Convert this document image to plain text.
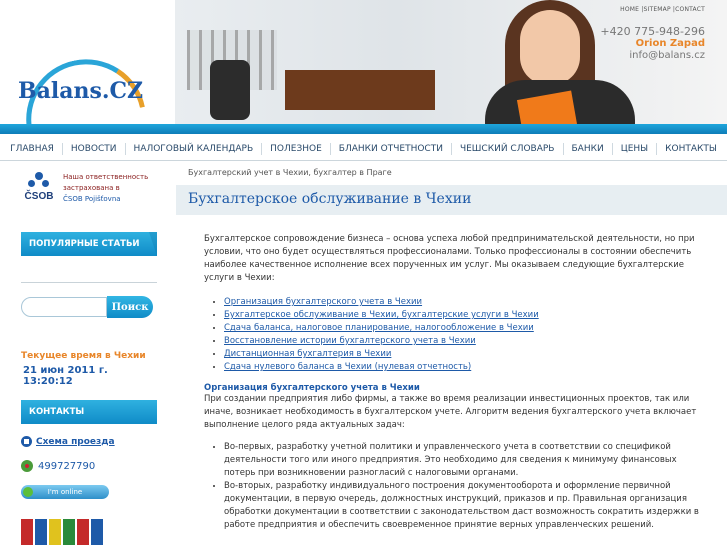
Balans.CZ
HOME |SITEMAP |CONTACT
+420 775-948-296
Orion Zapad
info@balans.cz
ГЛАВНАЯ	НОВОСТИ	НАЛОГОВЫЙ КАЛЕНДАРЬ	ПОЛЕЗНОЕ	БЛАНКИ ОТЧЕТНОСТИ	ЧЕШСКИЙ СЛОВАРЬ	БАНКИ	ЦЕНЫ	КОНТАКТЫ
ČSOB
Наша ответственность
застрахована в
ČSOB Pojišťovna
ПОПУЛЯРНЫЕ СТАТЬИ
Поиск
Текущее время в Чехии
21 июн 2011 г. 13:20:12
КОНТАКТЫ
Схема проезда
499727790
I'm online
Бухгалтерский учет в Чехии, бухгалтер в Праге
Бухгалтерское обслуживание в Чехии

Бухгалтерское сопровождение бизнеса – основа успеха любой предпринимательской деятельности, но при условии, что оно будет осуществляться профессионалами. Только профессионалы в состоянии обеспечить наиболее качественное исполнение всех порученных им услуг. Мы оказываем следующие бухгалтерские услуги в Чехии:

• Организация бухгалтерского учета в Чехии
• Бухгалтерское обслуживание в Чехии, бухгалтерские услуги в Чехии
• Сдача баланса, налоговое планирование, налогообложение в Чехии
• Восстановление истории бухгалтерского учета в Чехии
• Дистанционная бухгалтерия в Чехии
• Сдача нулевого баланса в Чехии (нулевая отчетность)
Организация бухгалтерского учета в Чехии

При создании предприятия либо фирмы, а также во время реализации инвестиционных проектов, так или иначе, возникает необходимость в бухгалтерском учете. Алгоритм ведения бухгалтерского учета включает выполнение целого ряда актуальных задач:

• Во-первых, разработку учетной политики и управленческого учета в соответствии со спецификой деятельности того или иного предприятия. Это необходимо для сведения к минимуму финансовых потерь при возникновении разногласий с налоговыми органами.
• Во-вторых, разработку индивидуального построения документооборота и оформление первичной документации, в первую очередь, должностных инструкций, приказов и пр. Правильная организация обработки документации в соответствии с законодательством даст возможность сократить издержки в работе предприятия и обеспечить своевременное принятие верных управленческих решений.
